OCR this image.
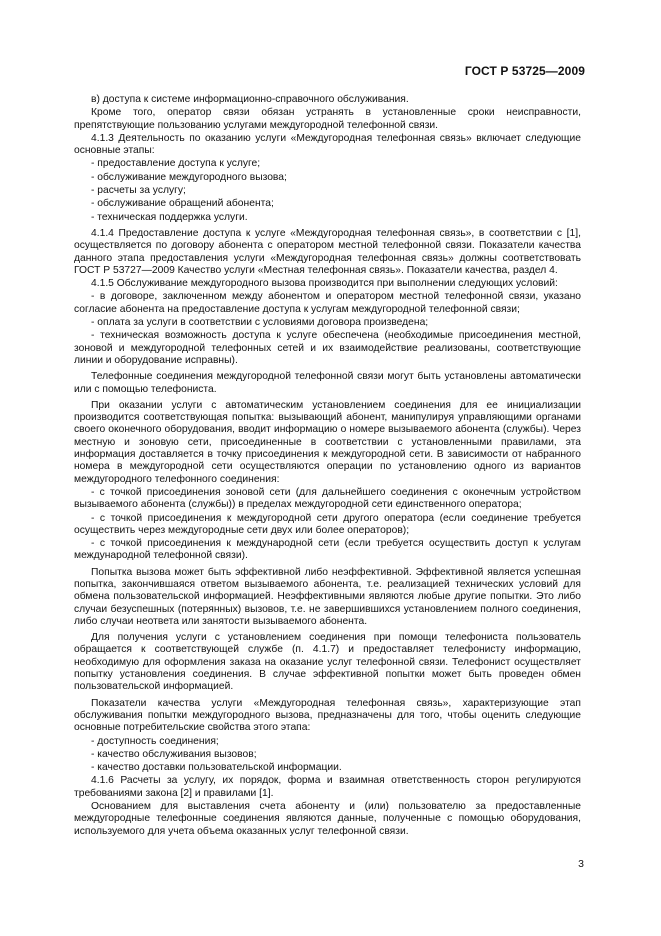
ГОСТ Р 53725—2009

в) доступа к системе информационно-справочного обслуживания.

Кроме того, оператор связи обязан устранять в установленные сроки неисправности, препятствующие пользованию услугами междугородной телефонной связи.

4.1.3 Деятельность по оказанию услуги «Междугородная телефонная связь» включает следующие основные этапы:

- предоставление доступа к услуге;

- обслуживание междугородного вызова;

- расчеты за услугу;

- обслуживание обращений абонента;

- техническая поддержка услуги.

4.1.4 Предоставление доступа к услуге «Междугородная телефонная связь», в соответствии с [1], осуществляется по договору абонента с оператором местной телефонной связи. Показатели качества данного этапа предоставления услуги «Междугородная телефонная связь» должны соответствовать ГОСТ Р 53727—2009 Качество услуги «Местная телефонная связь». Показатели качества, раздел 4.

4.1.5 Обслуживание междугородного вызова производится при выполнении следующих условий:

- в договоре, заключенном между абонентом и оператором местной телефонной связи, указано согласие абонента на предоставление доступа к услугам междугородной телефонной связи;

- оплата за услуги в соответствии с условиями договора произведена;

- техническая возможность доступа к услуге обеспечена (необходимые присоединения местной, зоновой и междугородной телефонных сетей и их взаимодействие реализованы, соответствующие линии и оборудование исправны).

Телефонные соединения междугородной телефонной связи могут быть установлены автоматически или с помощью телефониста.

При оказании услуги с автоматическим установлением соединения для ее инициализации производится соответствующая попытка: вызывающий абонент, манипулируя управляющими органами своего оконечного оборудования, вводит информацию о номере вызываемого абонента (службы). Через местную и зоновую сети, присоединенные в соответствии с установленными правилами, эта информация доставляется в точку присоединения к междугородной сети. В зависимости от набранного номера в междугородной сети осуществляются операции по установлению одного из вариантов междугородного телефонного соединения:

- с точкой присоединения зоновой сети (для дальнейшего соединения с оконечным устройством вызываемого абонента (службы)) в пределах междугородной сети единственного оператора;

- с точкой присоединения к междугородной сети другого оператора (если соединение требуется осуществить через междугородные сети двух или более операторов);

- с точкой присоединения к международной сети (если требуется осуществить доступ к услугам международной телефонной связи).

Попытка вызова может быть эффективной либо неэффективной. Эффективной является успешная попытка, закончившаяся ответом вызываемого абонента, т.е. реализацией технических условий для обмена пользовательской информацией. Неэффективными являются любые другие попытки. Это либо случаи безуспешных (потерянных) вызовов, т.е. не завершившихся установлением полного соединения, либо случаи неответа или занятости вызываемого абонента.

Для получения услуги с установлением соединения при помощи телефониста пользователь обращается к соответствующей службе (п. 4.1.7) и предоставляет телефонисту информацию, необходимую для оформления заказа на оказание услуг телефонной связи. Телефонист осуществляет попытку установления соединения. В случае эффективной попытки может быть проведен обмен пользовательской информацией.

Показатели качества услуги «Междугородная телефонная связь», характеризующие этап обслуживания попытки междугородного вызова, предназначены для того, чтобы оценить следующие основные потребительские свойства этого этапа:

- доступность соединения;

- качество обслуживания вызовов;

- качество доставки пользовательской информации.

4.1.6 Расчеты за услугу, их порядок, форма и взаимная ответственность сторон регулируются требованиями закона [2] и правилами [1].

Основанием для выставления счета абоненту и (или) пользователю за предоставленные междугородные телефонные соединения являются данные, полученные с помощью оборудования, используемого для учета объема оказанных услуг телефонной связи.

3
